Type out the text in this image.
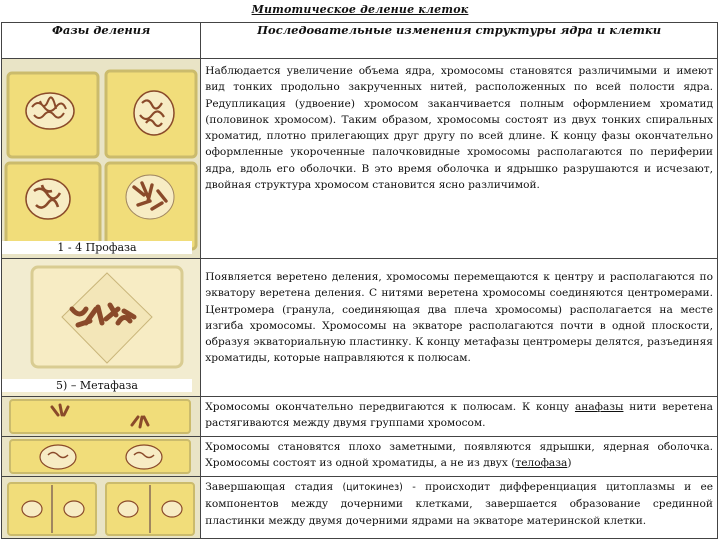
Митотическое деление клеток
Фазы деления	Последовательные изменения структуры ядра и клетки

1 - 4 Профаза	Наблюдается увеличение объема ядра, хромосомы становятся различимыми и имеют вид тонких продольно закрученных нитей, расположенных по всей полости ядра. Редупликация (удвоение) хромосом заканчивается полным оформлением хроматид (половинок хромосом). Таким образом, хромосомы состоят из двух тонких спиральных хроматид, плотно прилегающих друг другу по всей длине. К концу фазы окончательно оформленные укороченные палочковидные хромосомы располагаются по периферии ядра, вдоль его оболочки. В это время оболочка и ядрышко разрушаются и исчезают, двойная структура хромосом становится ясно различимой.

5) – Метафаза	Появляется веретено деления, хромосомы перемещаются к центру и располагаются по экватору веретена деления. С нитями веретена хромосомы соединяются центромерами. Центромера (гранула, соединяющая два плеча хромосомы) располагается на месте изгиба хромосомы. Хромосомы на экваторе располагаются почти в одной плоскости, образуя экваториальную пластинку. К концу метафазы центромеры делятся, разъединяя хроматиды, которые направляются к полюсам.

Хромосомы окончательно передвигаются к полюсам. К концу анафазы нити веретена растягиваются между двумя группами хромосом.

Хромосомы становятся плохо заметными, появляются ядрышки, ядерная оболочка. Хромосомы состоят из одной хроматиды, а не из двух (телофаза)

Завершающая стадия (цитокинез) - происходит дифференциация цитоплазмы и ее компонентов между дочерними клетками, завершается образование срединной пластинки между двумя дочерними ядрами на экваторе материнской клетки.
